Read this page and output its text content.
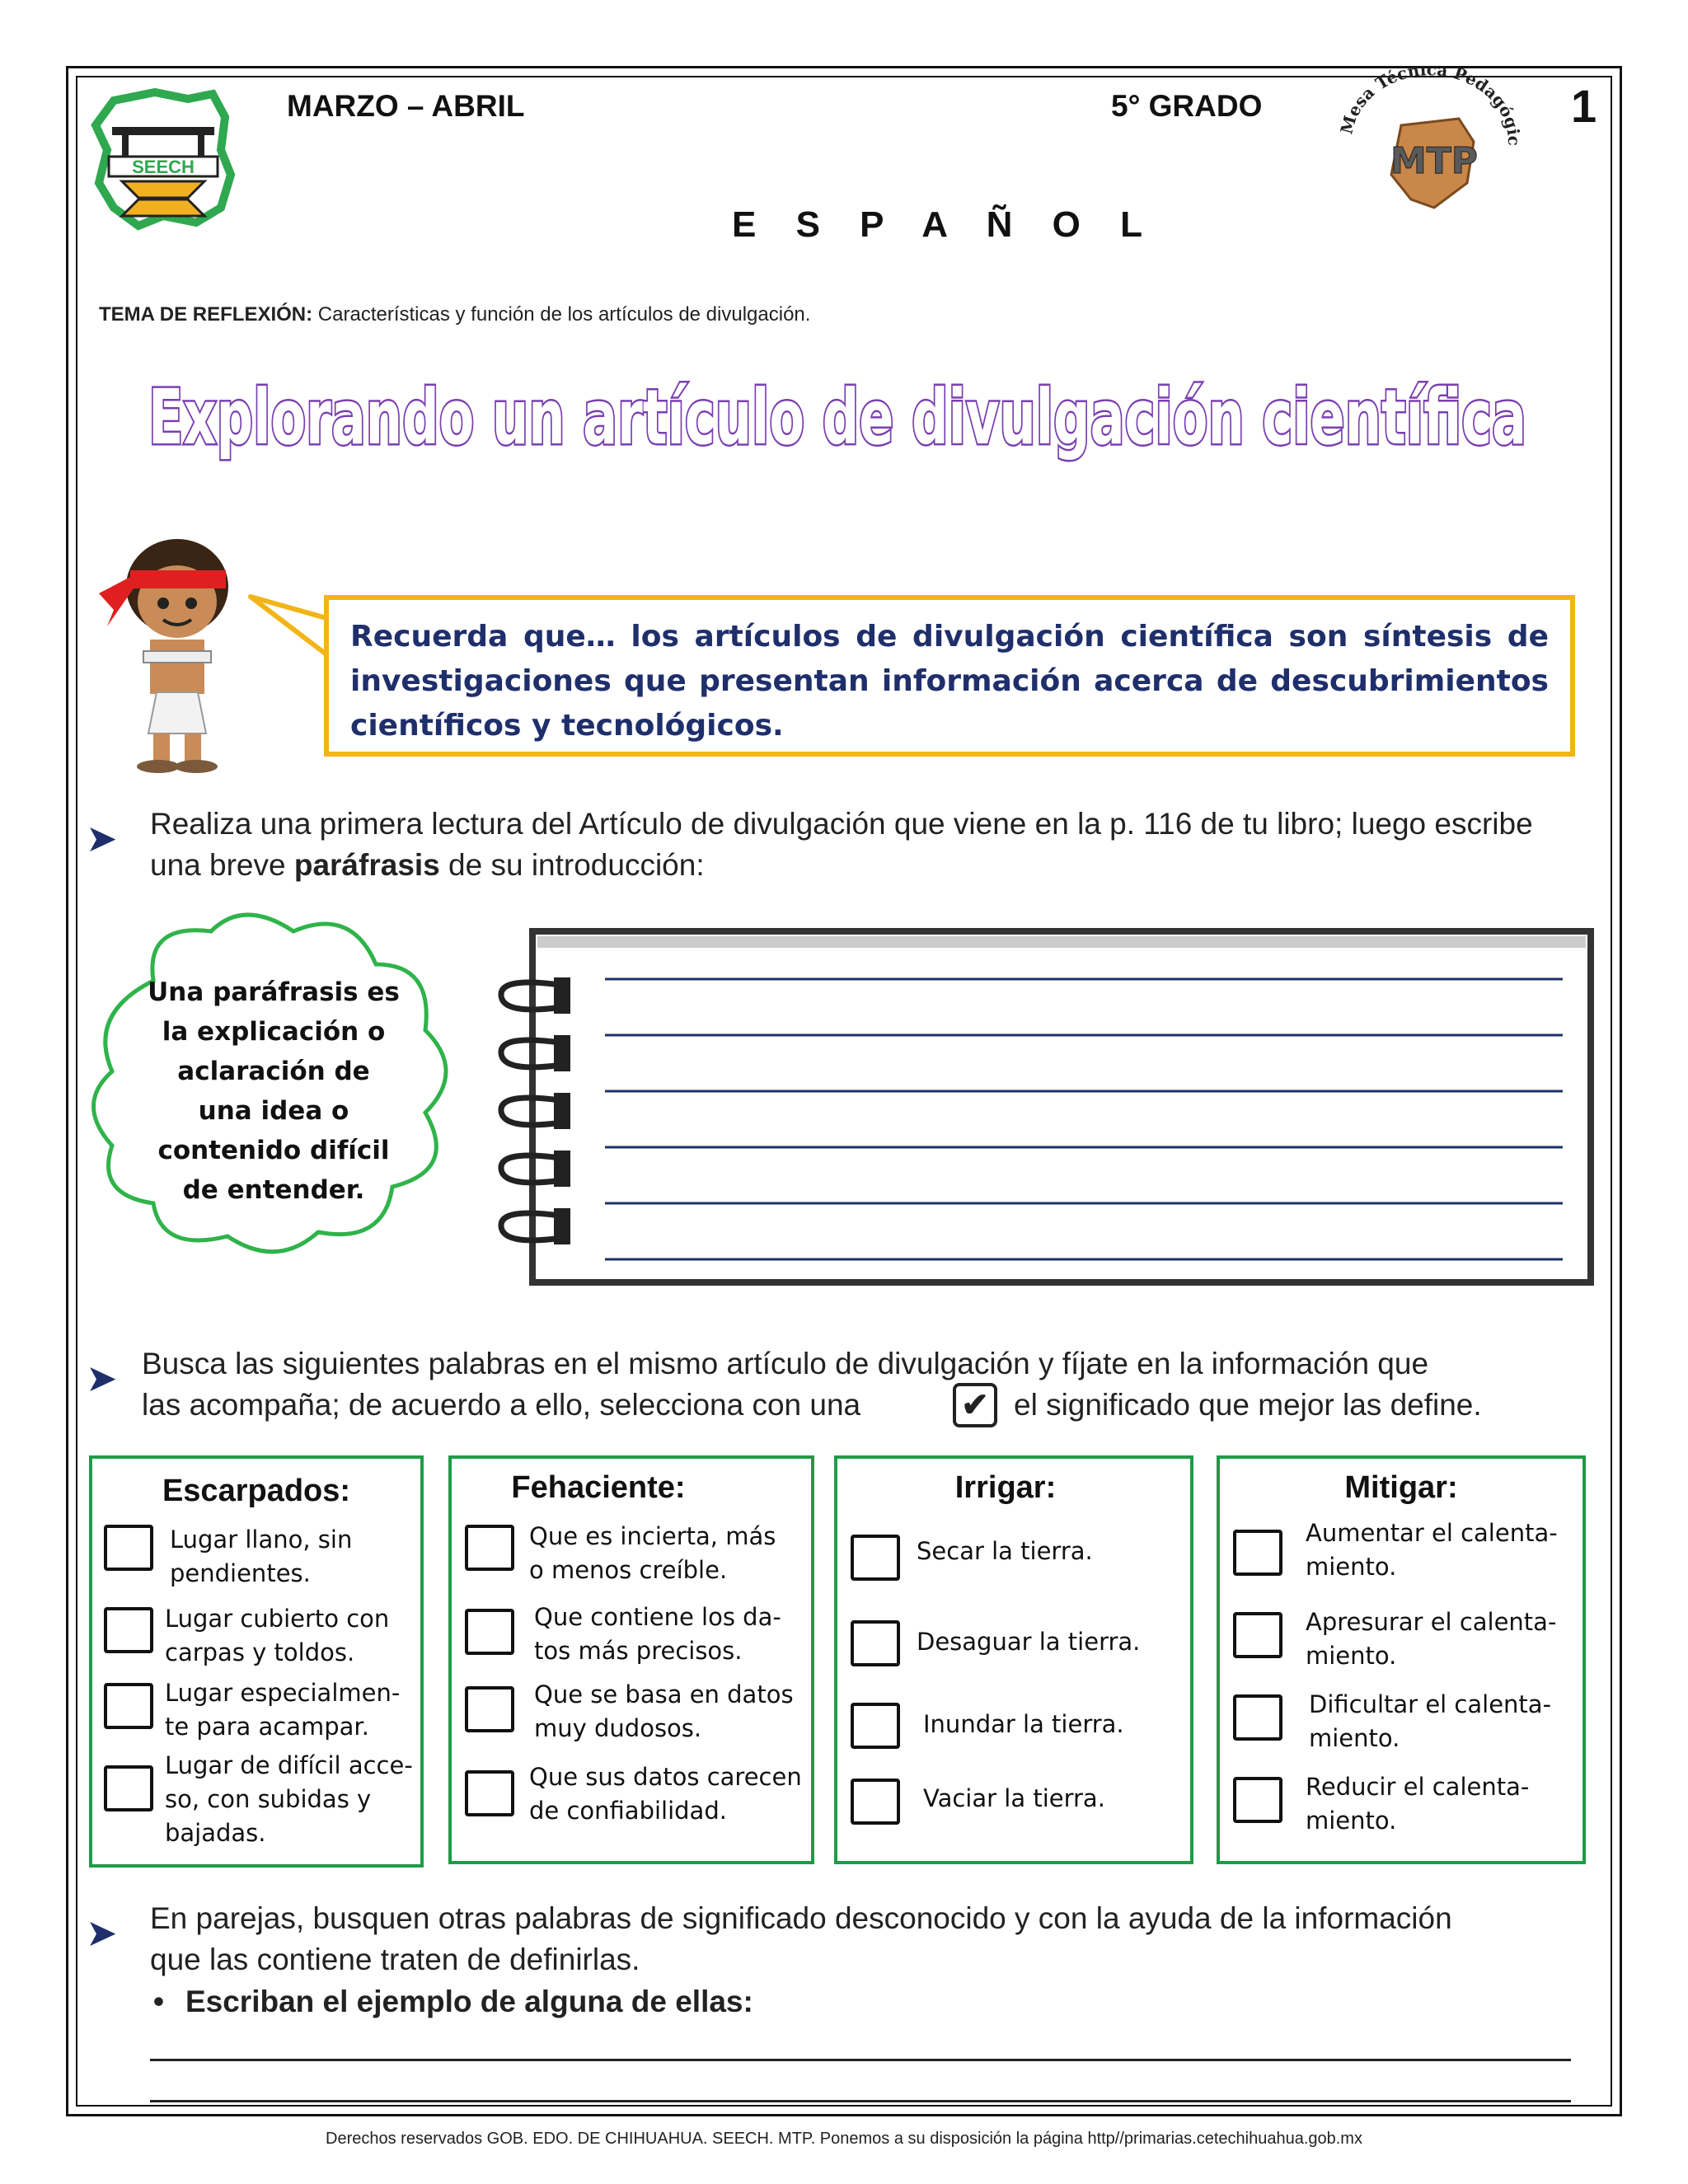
SEECH
MARZO – ABRIL	5° GRADO	1
Mesa Técnica Pedagógic
MTP
E S P A Ñ O L
TEMA DE REFLEXIÓN: Características y función de los artículos de divulgación.
Explorando un artículo de divulgación científica

Recuerda que… los artículos de divulgación científica son síntesis de investigaciones que presentan información acerca de descubrimientos científicos y tecnológicos.

➤ Realiza una primera lectura del Artículo de divulgación que viene en la p. 116 de tu libro; luego escribe una breve paráfrasis de su introducción:
Una paráfrasis es
la explicación o
aclaración de
una idea o
contenido difícil
de entender.
➤ Busca las siguientes palabras en el mismo artículo de divulgación y fíjate en la información que
las acompaña; de acuerdo a ello, selecciona con una	✔ el significado que mejor las define.
Escarpados:
Lugar llano, sin
pendientes.
Lugar cubierto con
carpas y toldos.
Lugar especialmen-
te para acampar.
Lugar de difícil acce-
so, con subidas y
bajadas.
Fehaciente:
Que es incierta, más
o menos creíble.
Que contiene los da-
tos más precisos.
Que se basa en datos
muy dudosos.
Que sus datos carecen
de confiabilidad.
Irrigar:
Secar la tierra.
Desaguar la tierra.
Inundar la tierra.
Vaciar la tierra.
Mitigar:
Aumentar el calenta-
miento.
Apresurar el calenta-
miento.
Dificultar el calenta-
miento.
Reducir el calenta-
miento.
➤ En parejas, busquen otras palabras de significado desconocido y con la ayuda de la información
que las contiene traten de definirlas.
• Escriban el ejemplo de alguna de ellas:
Derechos reservados GOB. EDO. DE CHIHUAHUA. SEECH. MTP. Ponemos a su disposición la página http//primarias.cetechihuahua.gob.mx
